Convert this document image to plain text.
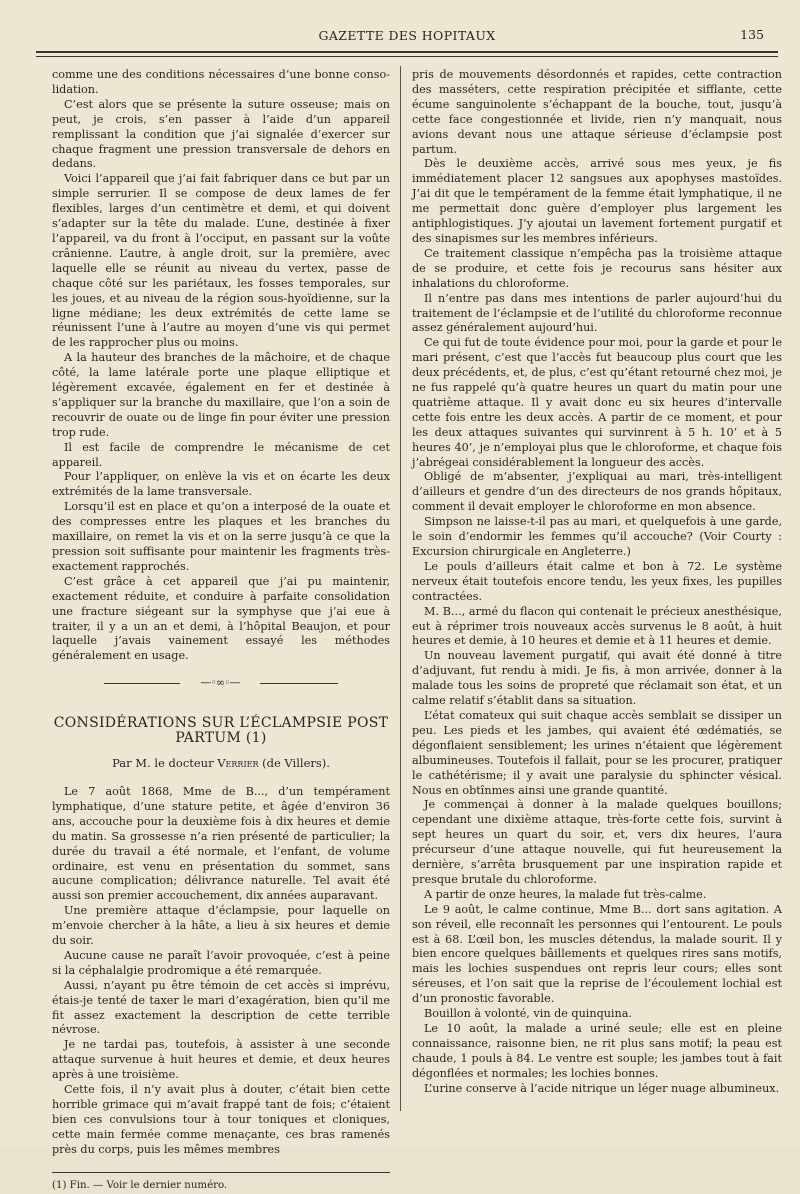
GAZETTE DES HOPITAUX	135

comme une des conditions nécessaires d’une bonne conso-lidation.

C’est alors que se présente la suture osseuse; mais on peut, je crois, s’en passer à l’aide d’un appareil remplissant la condition que j’ai signalée d’exercer sur chaque fragment une pression transversale de dehors en dedans.

Voici l’appareil que j’ai fait fabriquer dans ce but par un simple serrurier. Il se compose de deux lames de fer flexibles, larges d’un centimètre et demi, et qui doivent s’adapter sur la tête du malade. L’une, destinée à fixer l’appareil, va du front à l’occiput, en passant sur la voûte crânienne. L’autre, à angle droit, sur la première, avec laquelle elle se réunit au niveau du vertex, passe de chaque côté sur les pariétaux, les fosses temporales, sur les joues, et au niveau de la région sous-hyoïdienne, sur la ligne médiane; les deux extrémités de cette lame se réunissent l’une à l’autre au moyen d’une vis qui permet de les rapprocher plus ou moins.

A la hauteur des branches de la mâchoire, et de chaque côté, la lame latérale porte une plaque elliptique et légèrement excavée, également en fer et destinée à s’appliquer sur la branche du maxillaire, que l’on a soin de recouvrir de ouate ou de linge fin pour éviter une pression trop rude.

Il est facile de comprendre le mécanisme de cet appareil.

Pour l’appliquer, on enlève la vis et on écarte les deux extrémités de la lame transversale.

Lorsqu’il est en place et qu’on a interposé de la ouate et des compresses entre les plaques et les branches du maxillaire, on remet la vis et on la serre jusqu’à ce que la pression soit suffisante pour maintenir les fragments très-exactement rapprochés.

C’est grâce à cet appareil que j’ai pu maintenir, exactement réduite, et conduire à parfaite consolidation une fracture siégeant sur la symphyse que j’ai eue à traiter, il y a un an et demi, à l’hôpital Beaujon, et pour laquelle j’avais vainement essayé les méthodes généralement en usage.

—◦∞◦—
CONSIDÉRATIONS SUR L’ÉCLAMPSIE POST PARTUM (1)
Par M. le docteur Verrier (de Villers).

Le 7 août 1868, Mme de B..., d’un tempérament lymphatique, d’une stature petite, et âgée d’environ 36 ans, accouche pour la deuxième fois à dix heures et demie du matin. Sa grossesse n’a rien présenté de particulier; la durée du travail a été normale, et l’enfant, de volume ordinaire, est venu en présentation du sommet, sans aucune complication; délivrance naturelle. Tel avait été aussi son premier accouchement, dix années auparavant.

Une première attaque d’éclampsie, pour laquelle on m’envoie chercher à la hâte, a lieu à six heures et demie du soir.

Aucune cause ne paraît l’avoir provoquée, c’est à peine si la céphalalgie prodromique a été remarquée.

Aussi, n’ayant pu être témoin de cet accès si imprévu, étais-je tenté de taxer le mari d’exagération, bien qu’il me fit assez exactement la description de cette terrible névrose.

Je ne tardai pas, toutefois, à assister à une seconde attaque survenue à huit heures et demie, et deux heures après à une troisième.

Cette fois, il n’y avait plus à douter, c’était bien cette horrible grimace qui m’avait frappé tant de fois; c’étaient bien ces convulsions tour à tour toniques et cloniques, cette main fermée comme menaçante, ces bras ramenés près du corps, puis les mêmes membres

(1) Fin. — Voir le dernier numéro.

pris de mouvements désordonnés et rapides, cette contraction des masséters, cette respiration précipitée et sifflante, cette écume sanguinolente s’échappant de la bouche, tout, jusqu’à cette face congestionnée et livide, rien n’y manquait, nous avions devant nous une attaque sérieuse d’éclampsie post partum.

Dès le deuxième accès, arrivé sous mes yeux, je fis immédiatement placer 12 sangsues aux apophyses mastoïdes. J’ai dit que le tempérament de la femme était lymphatique, il ne me permettait donc guère d’employer plus largement les antiphlogistiques. J’y ajoutai un lavement fortement purgatif et des sinapismes sur les membres inférieurs.

Ce traitement classique n’empêcha pas la troisième attaque de se produire, et cette fois je recourus sans hésiter aux inhalations du chloroforme.

Il n’entre pas dans mes intentions de parler aujourd’hui du traitement de l’éclampsie et de l’utilité du chloroforme reconnue assez généralement aujourd’hui.

Ce qui fut de toute évidence pour moi, pour la garde et pour le mari présent, c’est que l’accès fut beaucoup plus court que les deux précédents, et, de plus, c’est qu’étant retourné chez moi, je ne fus rappelé qu’à quatre heures un quart du matin pour une quatrième attaque. Il y avait donc eu six heures d’intervalle cette fois entre les deux accès. A partir de ce moment, et pour les deux attaques suivantes qui survinrent à 5 h. 10’ et à 5 heures 40’, je n’employai plus que le chloroforme, et chaque fois j’abrégeai considérablement la longueur des accès.

Obligé de m’absenter, j’expliquai au mari, très-intelligent d’ailleurs et gendre d’un des directeurs de nos grands hôpitaux, comment il devait employer le chloroforme en mon absence.

Simpson ne laisse-t-il pas au mari, et quelquefois à une garde, le soin d’endormir les femmes qu’il accouche? (Voir Courty : Excursion chirurgicale en Angleterre.)

Le pouls d’ailleurs était calme et bon à 72. Le système nerveux était toutefois encore tendu, les yeux fixes, les pupilles contractées.

M. B..., armé du flacon qui contenait le précieux anesthésique, eut à réprimer trois nouveaux accès survenus le 8 août, à huit heures et demie, à 10 heures et demie et à 11 heures et demie.

Un nouveau lavement purgatif, qui avait été donné à titre d’adjuvant, fut rendu à midi. Je fis, à mon arrivée, donner à la malade tous les soins de propreté que réclamait son état, et un calme relatif s’établit dans sa situation.

L’état comateux qui suit chaque accès semblait se dissiper un peu. Les pieds et les jambes, qui avaient été œdématiés, se dégonflaient sensiblement; les urines n’étaient que légèrement albumineuses. Toutefois il fallait, pour se les procurer, pratiquer le cathétérisme; il y avait une paralysie du sphincter vésical. Nous en obtînmes ainsi une grande quantité.

Je commençai à donner à la malade quelques bouillons; cependant une dixième attaque, très-forte cette fois, survint à sept heures un quart du soir, et, vers dix heures, l’aura précurseur d’une attaque nouvelle, qui fut heureusement la dernière, s’arrêta brusquement par une inspiration rapide et presque brutale du chloroforme.

A partir de onze heures, la malade fut très-calme.

Le 9 août, le calme continue, Mme B... dort sans agitation. A son réveil, elle reconnaît les personnes qui l’entourent. Le pouls est à 68. L’œil bon, les muscles détendus, la malade sourit. Il y bien encore quelques bâillements et quelques rires sans motifs, mais les lochies suspendues ont repris leur cours; elles sont séreuses, et l’on sait que la reprise de l’écoulement lochial est d’un pronostic favorable.

Bouillon à volonté, vin de quinquina.

Le 10 août, la malade a uriné seule; elle est en pleine connaissance, raisonne bien, ne rit plus sans motif; la peau est chaude, 1 pouls à 84. Le ventre est souple; les jambes tout à fait dégonflées et normales; les lochies bonnes.

L’urine conserve à l’acide nitrique un léger nuage albumineux.
